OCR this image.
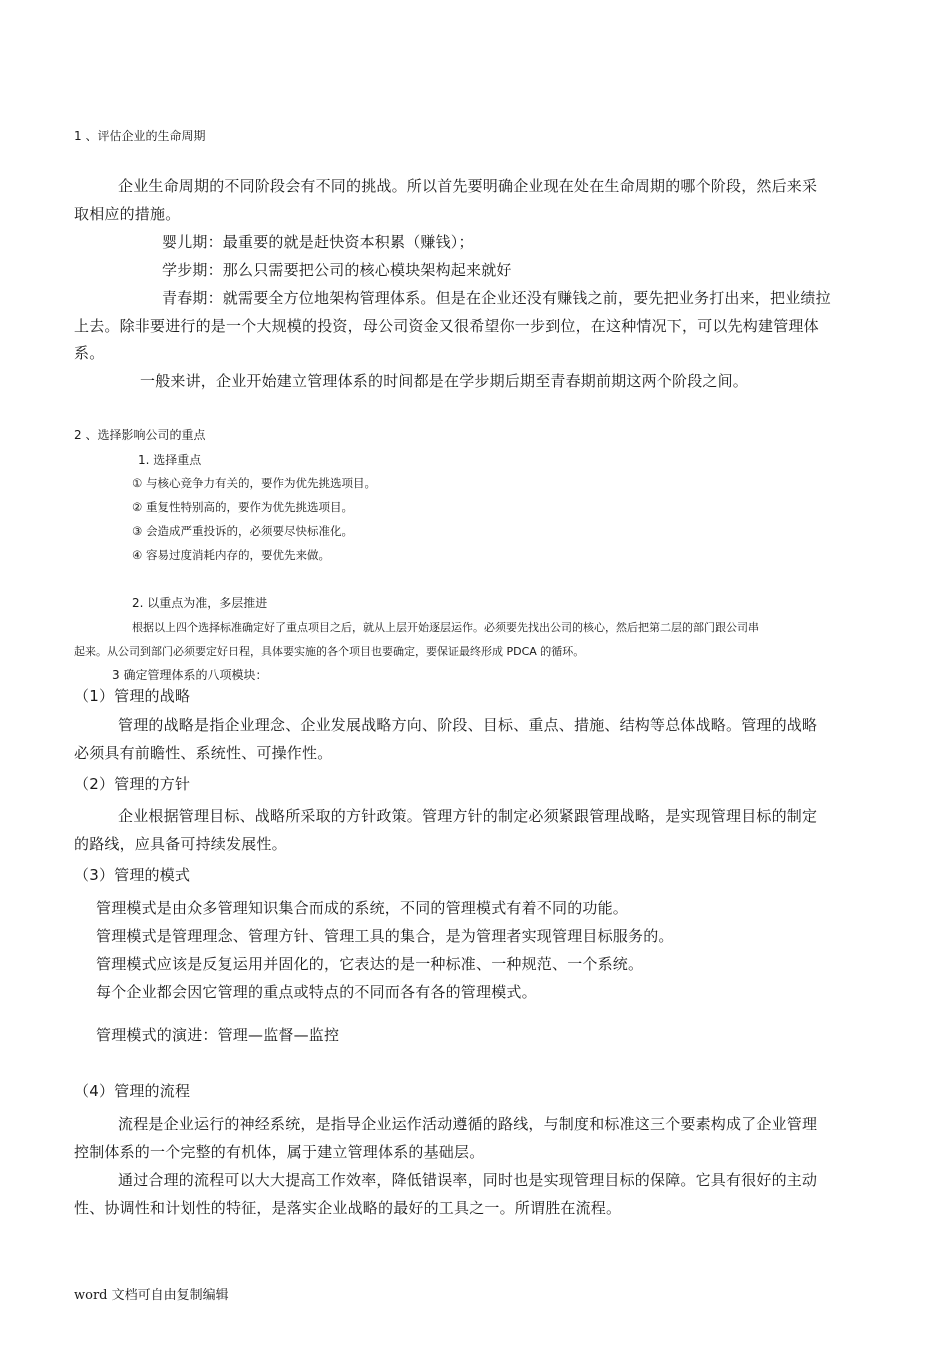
1 、评估企业的生命周期

企业生命周期的不同阶段会有不同的挑战。所以首先要明确企业现在处在生命周期的哪个阶段，然后来采

取相应的措施。

婴儿期：最重要的就是赶快资本积累（赚钱）；

学步期：那么只需要把公司的核心模块架构起来就好

青春期：就需要全方位地架构管理体系。但是在企业还没有赚钱之前，要先把业务打出来，把业绩拉

上去。除非要进行的是一个大规模的投资，母公司资金又很希望你一步到位，在这种情况下，可以先构建管理体

系。

一般来讲，企业开始建立管理体系的时间都是在学步期后期至青春期前期这两个阶段之间。

2 、选择影响公司的重点

1. 选择重点

① 与核心竞争力有关的，要作为优先挑选项目。

② 重复性特别高的，要作为优先挑选项目。

③ 会造成严重投诉的，必须要尽快标准化。

④ 容易过度消耗内存的，要优先来做。

2. 以重点为准，多层推进

根据以上四个选择标准确定好了重点项目之后，就从上层开始逐层运作。必须要先找出公司的核心，然后把第二层的部门跟公司串

起来。从公司到部门必须要定好日程，具体要实施的各个项目也要确定，要保证最终形成 PDCA 的循环。

3 确定管理体系的八项模块：

（1）管理的战略

管理的战略是指企业理念、企业发展战略方向、阶段、目标、重点、措施、结构等总体战略。管理的战略

必须具有前瞻性、系统性、可操作性。

（2）管理的方针

企业根据管理目标、战略所采取的方针政策。管理方针的制定必须紧跟管理战略，是实现管理目标的制定

的路线，应具备可持续发展性。

（3）管理的模式

管理模式是由众多管理知识集合而成的系统，不同的管理模式有着不同的功能。

管理模式是管理理念、管理方针、管理工具的集合，是为管理者实现管理目标服务的。

管理模式应该是反复运用并固化的，它表达的是一种标准、一种规范、一个系统。

每个企业都会因它管理的重点或特点的不同而各有各的管理模式。

管理模式的演进：管理—监督—监控

（4）管理的流程

流程是企业运行的神经系统，是指导企业运作活动遵循的路线，与制度和标准这三个要素构成了企业管理

控制体系的一个完整的有机体，属于建立管理体系的基础层。

通过合理的流程可以大大提高工作效率，降低错误率，同时也是实现管理目标的保障。它具有很好的主动

性、协调性和计划性的特征，是落实企业战略的最好的工具之一。所谓胜在流程。

word 文档可自由复制编辑
